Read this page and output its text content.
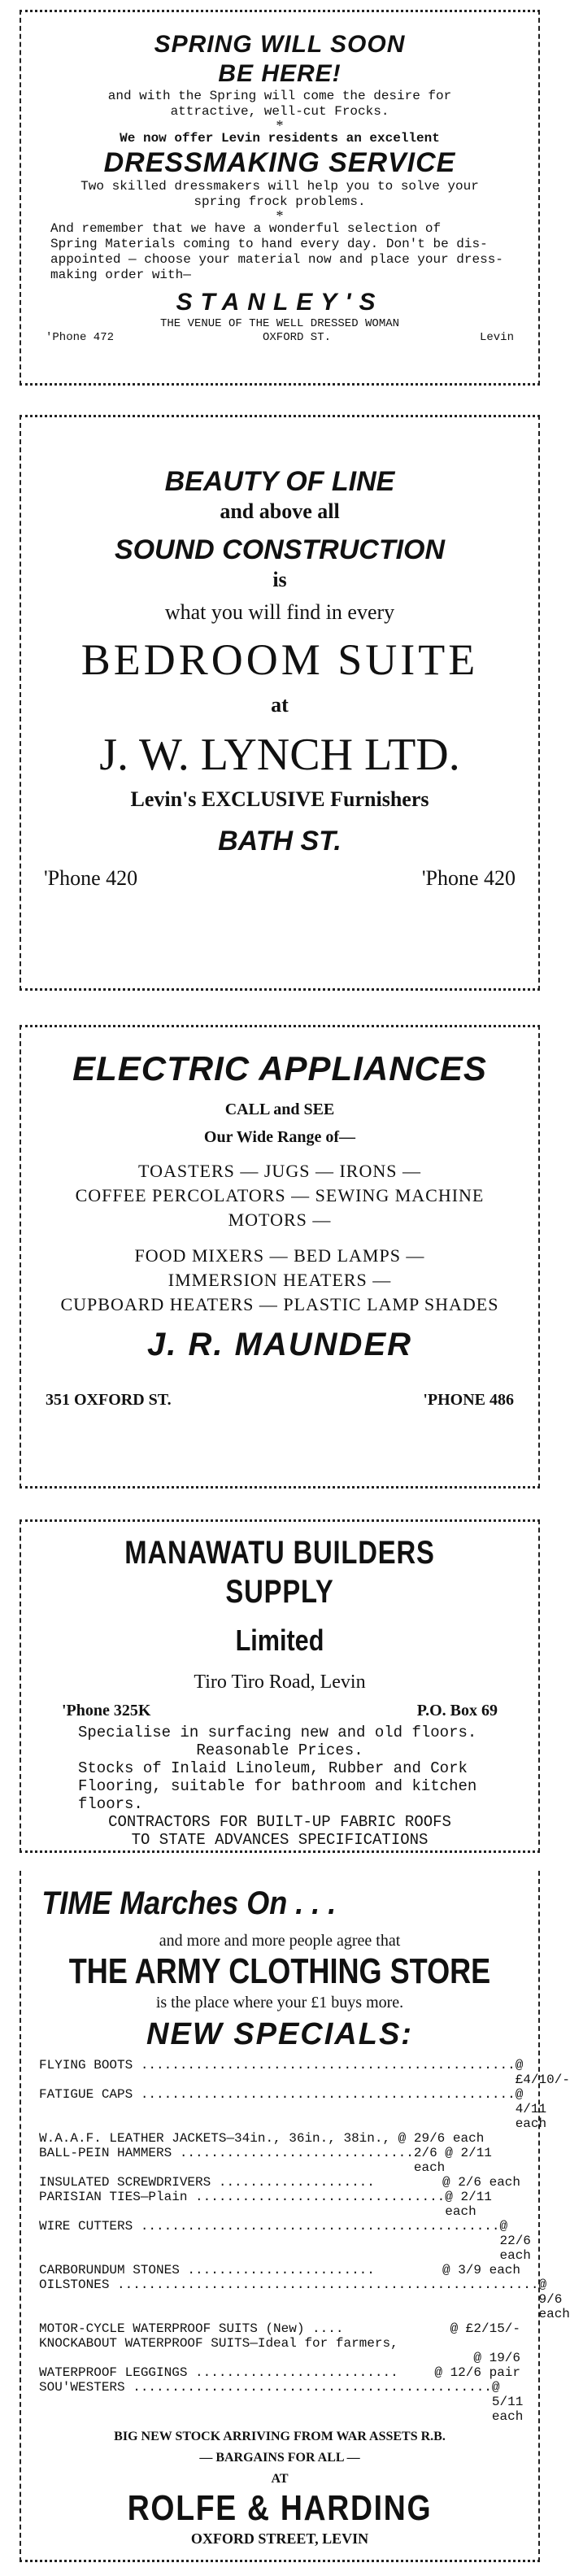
SPRING WILL SOON
BE HERE!
and with the Spring will come the desire for
attractive, well-cut Frocks.
*
We now offer Levin residents an excellent
DRESSMAKING SERVICE
Two skilled dressmakers will help you to solve your
spring frock problems.
*
And remember that we have a wonderful selection of
Spring Materials coming to hand every day. Don't be dis-
appointed — choose your material now and place your dress-
making order with—
STANLEY'S
THE VENUE OF THE WELL DRESSED WOMAN
'Phone 472	OXFORD ST.	Levin
BEAUTY OF LINE
and above all
SOUND CONSTRUCTION
is
what you will find in every
BEDROOM SUITE
at
J. W. LYNCH LTD.
Levin's EXCLUSIVE Furnishers
BATH ST.
'Phone 420	'Phone 420
ELECTRIC APPLIANCES
CALL and SEE
Our Wide Range of—
TOASTERS — JUGS — IRONS —
COFFEE PERCOLATORS — SEWING MACHINE
MOTORS —
FOOD MIXERS — BED LAMPS —
IMMERSION HEATERS —
CUPBOARD HEATERS — PLASTIC LAMP SHADES
J. R. MAUNDER
351 OXFORD ST.	'PHONE 486
MANAWATU BUILDERS SUPPLY
Limited
Tiro Tiro Road, Levin
'Phone 325K	P.O. Box 69
Specialise in surfacing new and old floors.
Reasonable Prices.
Stocks of Inlaid Linoleum, Rubber and Cork
Flooring, suitable for bathroom and kitchen
floors.
CONTRACTORS FOR BUILT-UP FABRIC ROOFS
TO STATE ADVANCES SPECIFICATIONS
TIME Marches On . . .
and more and more people agree that
THE ARMY CLOTHING STORE
is the place where your £1 buys more.
NEW SPECIALS:
FLYING BOOTS ................................................ @ £4/10/-
FATIGUE CAPS ................................................ @ 4/11 each
W.A.A.F. LEATHER JACKETS—34in., 36in., 38in., @ 29/6 each
BALL-PEIN HAMMERS .............................. 2/6 @ 2/11 each
INSULATED SCREWDRIVERS ....................	@ 2/6 each
PARISIAN TIES—Plain ................................ @ 2/11 each
WIRE CUTTERS .............................................. @ 22/6 each
CARBORUNDUM STONES ........................	@ 3/9 each
OILSTONES ...................................................... @ 9/6 each
MOTOR-CYCLE WATERPROOF SUITS (New) ....	@ £2/15/-
KNOCKABOUT WATERPROOF SUITS—Ideal for farmers,
@ 19/6
WATERPROOF LEGGINGS ..........................	@ 12/6 pair
SOU'WESTERS .............................................. @ 5/11 each
BIG NEW STOCK ARRIVING FROM WAR ASSETS R.B.
— BARGAINS FOR ALL —
AT
ROLFE & HARDING
OXFORD STREET, LEVIN
